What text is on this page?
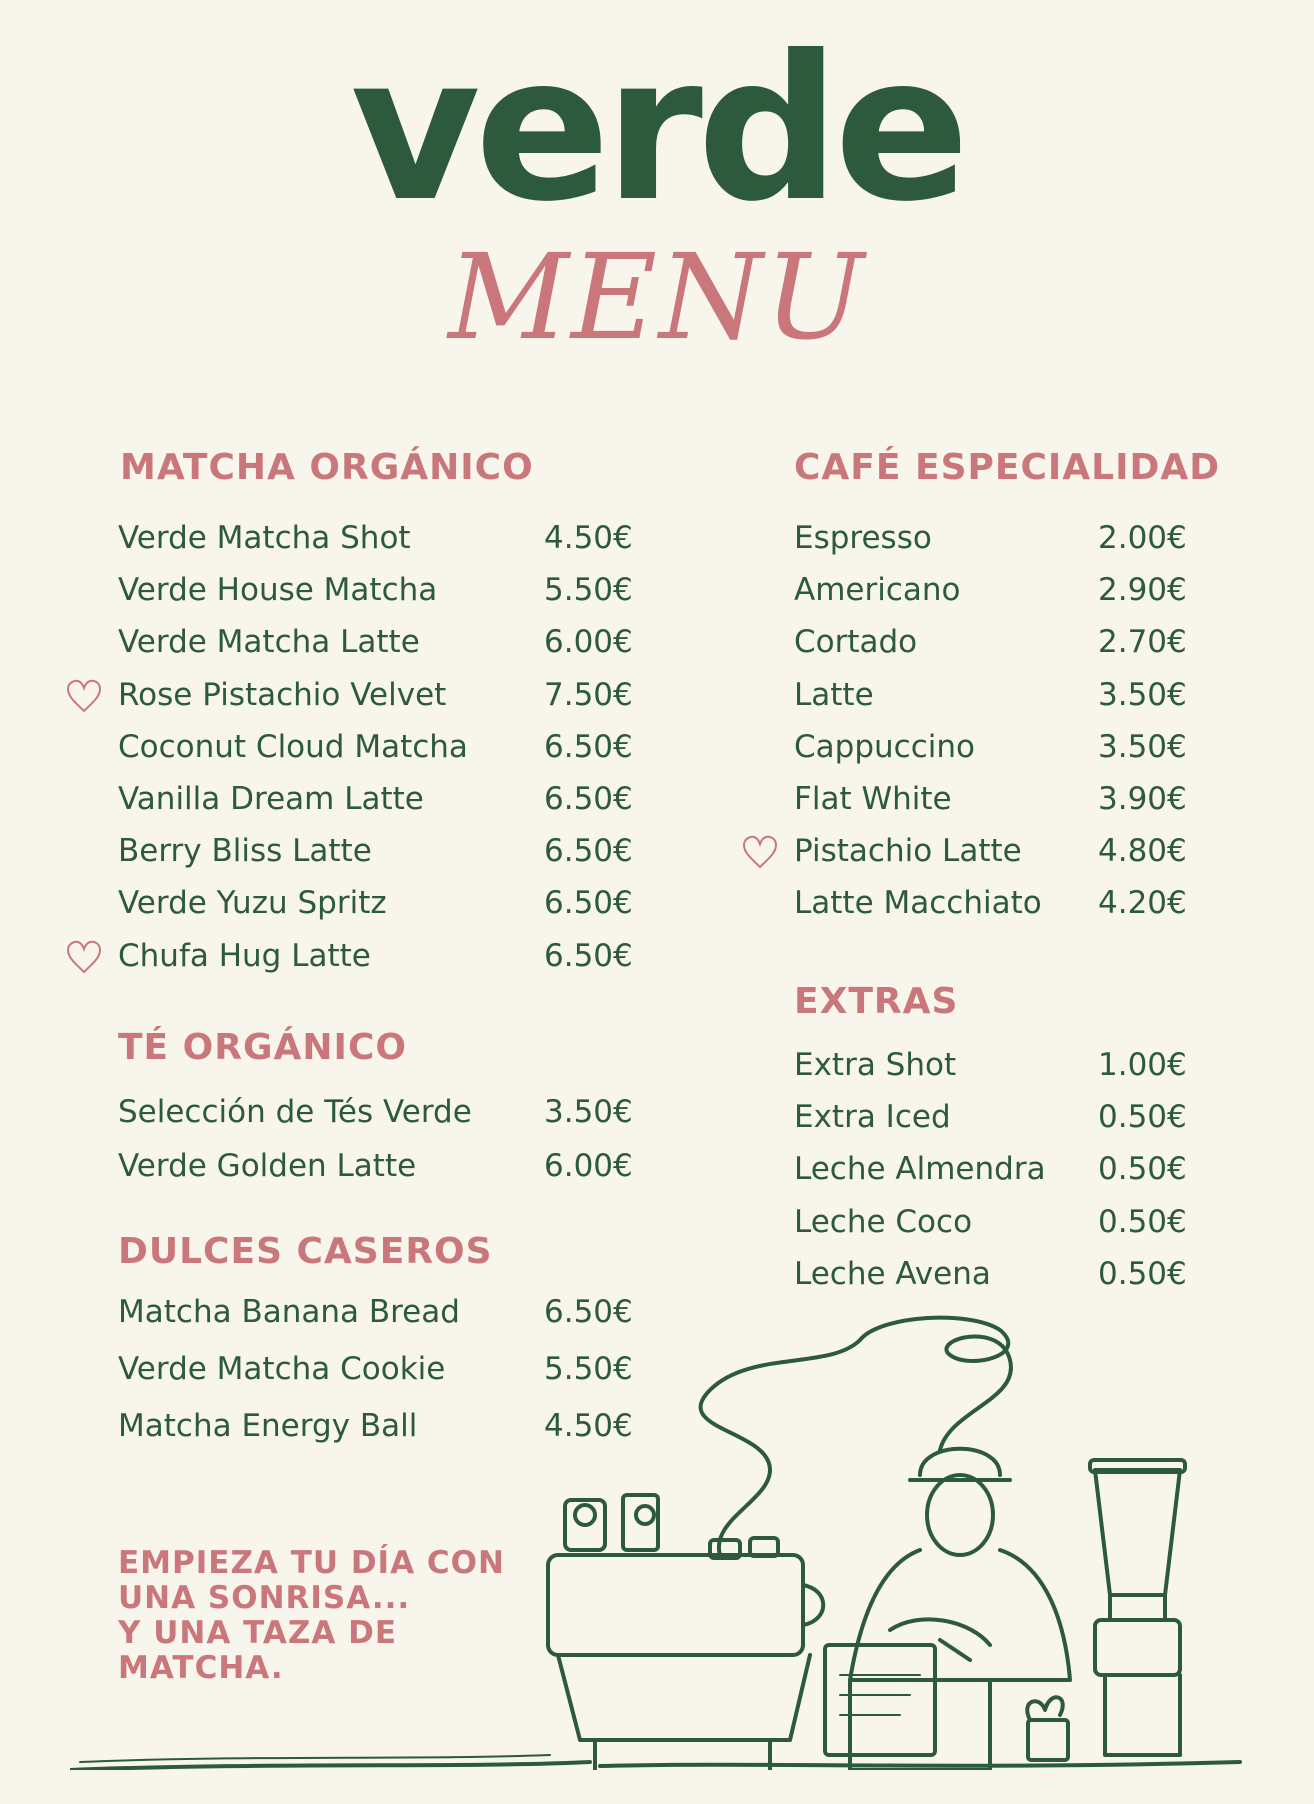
verde
MENU
MATCHA ORGÁNICO
Verde Matcha Shot	4.50€
Verde House Matcha	5.50€
Verde Matcha Latte	6.00€
Rose Pistachio Velvet	7.50€
Coconut Cloud Matcha 6.50€
Vanilla Dream Latte	6.50€
Berry Bliss Latte	6.50€
Verde Yuzu Spritz	6.50€
Chufa Hug Latte	6.50€
TÉ ORGÁNICO
Selección de Tés Verde 3.50€
Verde Golden Latte	6.00€
DULCES CASEROS
Matcha Banana Bread	6.50€
Verde Matcha Cookie	5.50€
Matcha Energy Ball	4.50€
CAFÉ ESPECIALIDAD
Espresso	2.00€
Americano	2.90€
Cortado	2.70€
Latte	3.50€
Cappuccino	3.50€
Flat White	3.90€
Pistachio Latte 4.80€
Latte Macchiato 4.20€
EXTRAS
Extra Shot	1.00€
Extra Iced	0.50€
Leche Almendra 0.50€
Leche Coco	0.50€
Leche Avena	0.50€
EMPIEZA TU DÍA CON
UNA SONRISA...
Y UNA TAZA DE
MATCHA.
